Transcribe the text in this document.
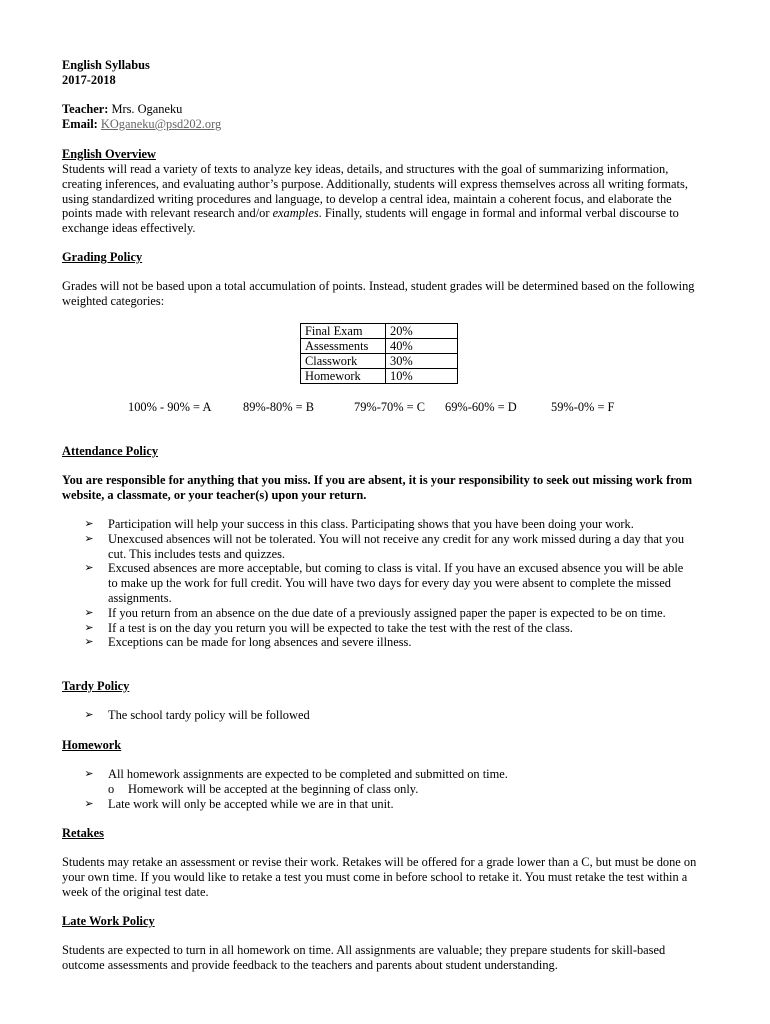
English Syllabus
2017-2018
Teacher: Mrs. Oganeku
Email: KOganeku@psd202.org
English Overview

Students will read a variety of texts to analyze key ideas, details, and structures with the goal of summarizing information, creating inferences, and evaluating author’s purpose. Additionally, students will express themselves across all writing formats, using standardized writing procedures and language, to develop a central idea, maintain a coherent focus, and elaborate the points made with relevant research and/or examples. Finally, students will engage in formal and informal verbal discourse to exchange ideas effectively.

Grading Policy

Grades will not be based upon a total accumulation of points. Instead, student grades will be determined based on the following weighted categories:

Final Exam	20%
Assessments	40%
Classwork	30%
Homework	10%
100% - 90% = A	89%-80% = B	79%-70% = C 69%-60% = D	59%-0% = F
Attendance Policy

You are responsible for anything that you miss. If you are absent, it is your responsibility to seek out missing work from website, a classmate, or your teacher(s) upon your return.

➢ Participation will help your success in this class. Participating shows that you have been doing your work.
➢ Unexcused absences will not be tolerated. You will not receive any credit for any work missed during a day that you cut. This includes tests and quizzes.
➢ Excused absences are more acceptable, but coming to class is vital. If you have an excused absence you will be able to make up the work for full credit. You will have two days for every day you were absent to complete the missed assignments.
➢ If you return from an absence on the due date of a previously assigned paper the paper is expected to be on time.
➢ If a test is on the day you return you will be expected to take the test with the rest of the class.
➢ Exceptions can be made for long absences and severe illness.
Tardy Policy
➢ The school tardy policy will be followed
Homework
➢ All homework assignments are expected to be completed and submitted on time.
o Homework will be accepted at the beginning of class only.
➢ Late work will only be accepted while we are in that unit.
Retakes

Students may retake an assessment or revise their work. Retakes will be offered for a grade lower than a C, but must be done on your own time. If you would like to retake a test you must come in before school to retake it. You must retake the test within a week of the original test date.

Late Work Policy

Students are expected to turn in all homework on time. All assignments are valuable; they prepare students for skill-based outcome assessments and provide feedback to the teachers and parents about student understanding.
